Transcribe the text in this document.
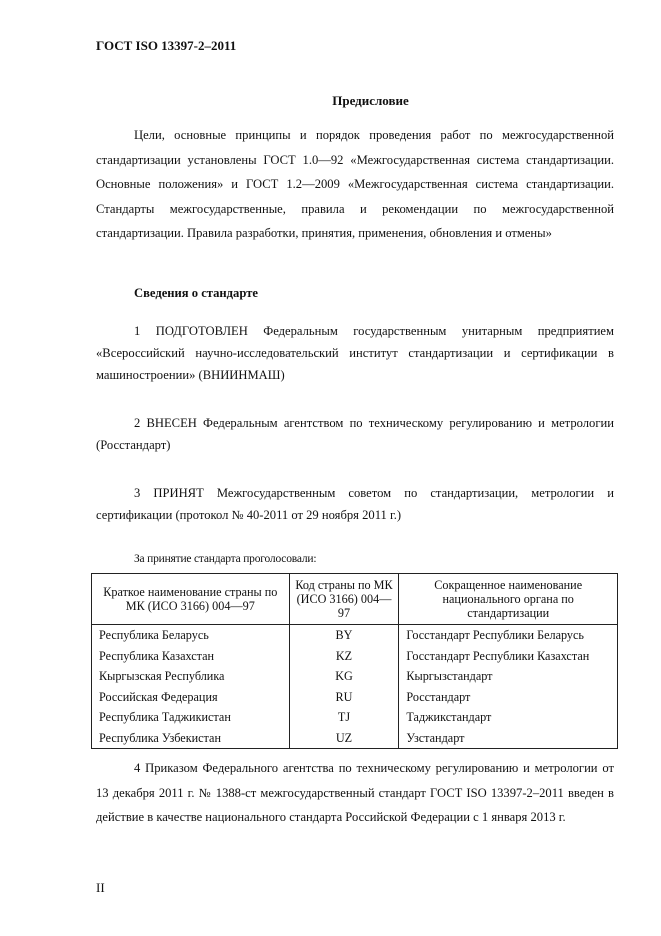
ГОСТ ISO 13397-2–2011
Предисловие

Цели, основные принципы и порядок проведения работ по межгосударственной стандартизации установлены ГОСТ 1.0—92 «Межгосударственная система стандартизации. Основные положения» и ГОСТ 1.2—2009 «Межгосударственная система стандартизации. Стандарты межгосударственные, правила и рекомендации по межгосударственной стандартизации. Правила разработки, принятия, применения, обновления и отмены»

Сведения о стандарте

1 ПОДГОТОВЛЕН Федеральным государственным унитарным предприятием «Всероссийский научно-исследовательский институт стандартизации и сертификации в машиностроении» (ВНИИНМАШ)

2 ВНЕСЕН Федеральным агентством по техническому регулированию и метрологии (Росстандарт)

3 ПРИНЯТ Межгосударственным советом по стандартизации, метрологии и сертификации (протокол № 40-2011 от 29 ноября 2011 г.)

За принятие стандарта проголосовали:
Краткое наименование страны по МК (ИСО 3166) 004—97	Код страны по МК (ИСО 3166) 004—97	Сокращенное наименование национального органа по стандартизации
Республика Беларусь	BY	Госстандарт Республики Беларусь
Республика Казахстан	KZ	Госстандарт Республики Казахстан
Кыргызская Республика	KG	Кыргызстандарт
Российская Федерация	RU	Росстандарт
Республика Таджикистан	TJ	Таджикстандарт
Республика Узбекистан	UZ	Узстандарт

4 Приказом Федерального агентства по техническому регулированию и метрологии от 13 декабря 2011 г. № 1388-ст межгосударственный стандарт ГОСТ ISO 13397-2–2011 введен в действие в качестве национального стандарта Российской Федерации с 1 января 2013 г.

II
